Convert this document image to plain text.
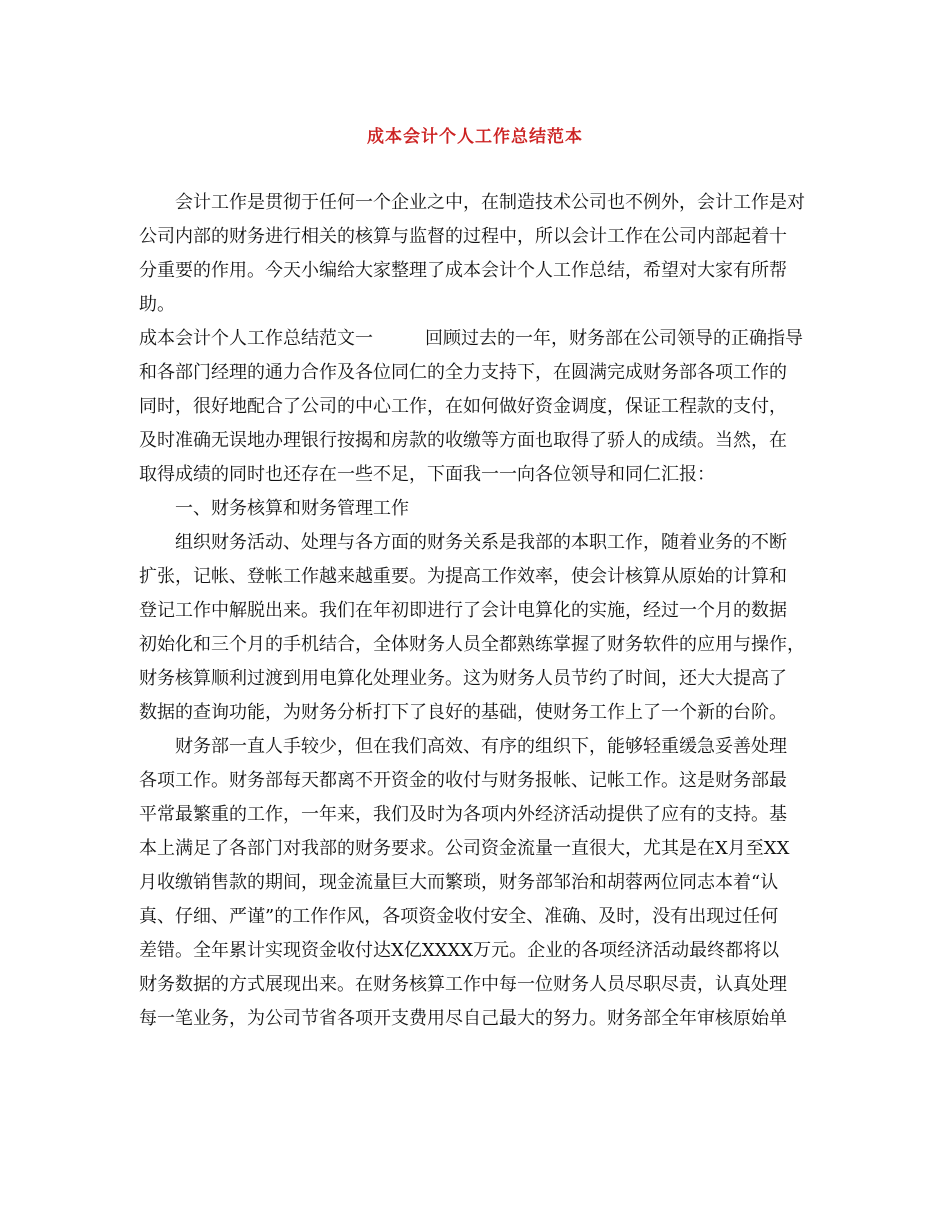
成本会计个人工作总结范本
会计工作是贯彻于任何一个企业之中，在制造技术公司也不例外，会计工作是对
公司内部的财务进行相关的核算与监督的过程中，所以会计工作在公司内部起着十
分重要的作用。今天小编给大家整理了成本会计个人工作总结，希望对大家有所帮
助。
成本会计个人工作总结范文一	回顾过去的一年，财务部在公司领导的正确指导
和各部门经理的通力合作及各位同仁的全力支持下，在圆满完成财务部各项工作的
同时，很好地配合了公司的中心工作，在如何做好资金调度，保证工程款的支付，
及时准确无误地办理银行按揭和房款的收缴等方面也取得了骄人的成绩。当然，在
取得成绩的同时也还存在一些不足，下面我一一向各位领导和同仁汇报：
一、财务核算和财务管理工作
组织财务活动、处理与各方面的财务关系是我部的本职工作，随着业务的不断
扩张，记帐、登帐工作越来越重要。为提高工作效率，使会计核算从原始的计算和
登记工作中解脱出来。我们在年初即进行了会计电算化的实施，经过一个月的数据
初始化和三个月的手机结合，全体财务人员全都熟练掌握了财务软件的应用与操作，
财务核算顺利过渡到用电算化处理业务。这为财务人员节约了时间，还大大提高了
数据的查询功能，为财务分析打下了良好的基础，使财务工作上了一个新的台阶。
财务部一直人手较少，但在我们高效、有序的组织下，能够轻重缓急妥善处理
各项工作。财务部每天都离不开资金的收付与财务报帐、记帐工作。这是财务部最
平常最繁重的工作，一年来，我们及时为各项内外经济活动提供了应有的支持。基
本上满足了各部门对我部的财务要求。公司资金流量一直很大，尤其是在X月至XX
月收缴销售款的期间，现金流量巨大而繁琐，财务部邹治和胡蓉两位同志本着“认
真、仔细、严谨”的工作作风，各项资金收付安全、准确、及时，没有出现过任何
差错。全年累计实现资金收付达X亿XXXX万元。企业的各项经济活动最终都将以
财务数据的方式展现出来。在财务核算工作中每一位财务人员尽职尽责，认真处理
每一笔业务，为公司节省各项开支费用尽自己最大的努力。财务部全年审核原始单
